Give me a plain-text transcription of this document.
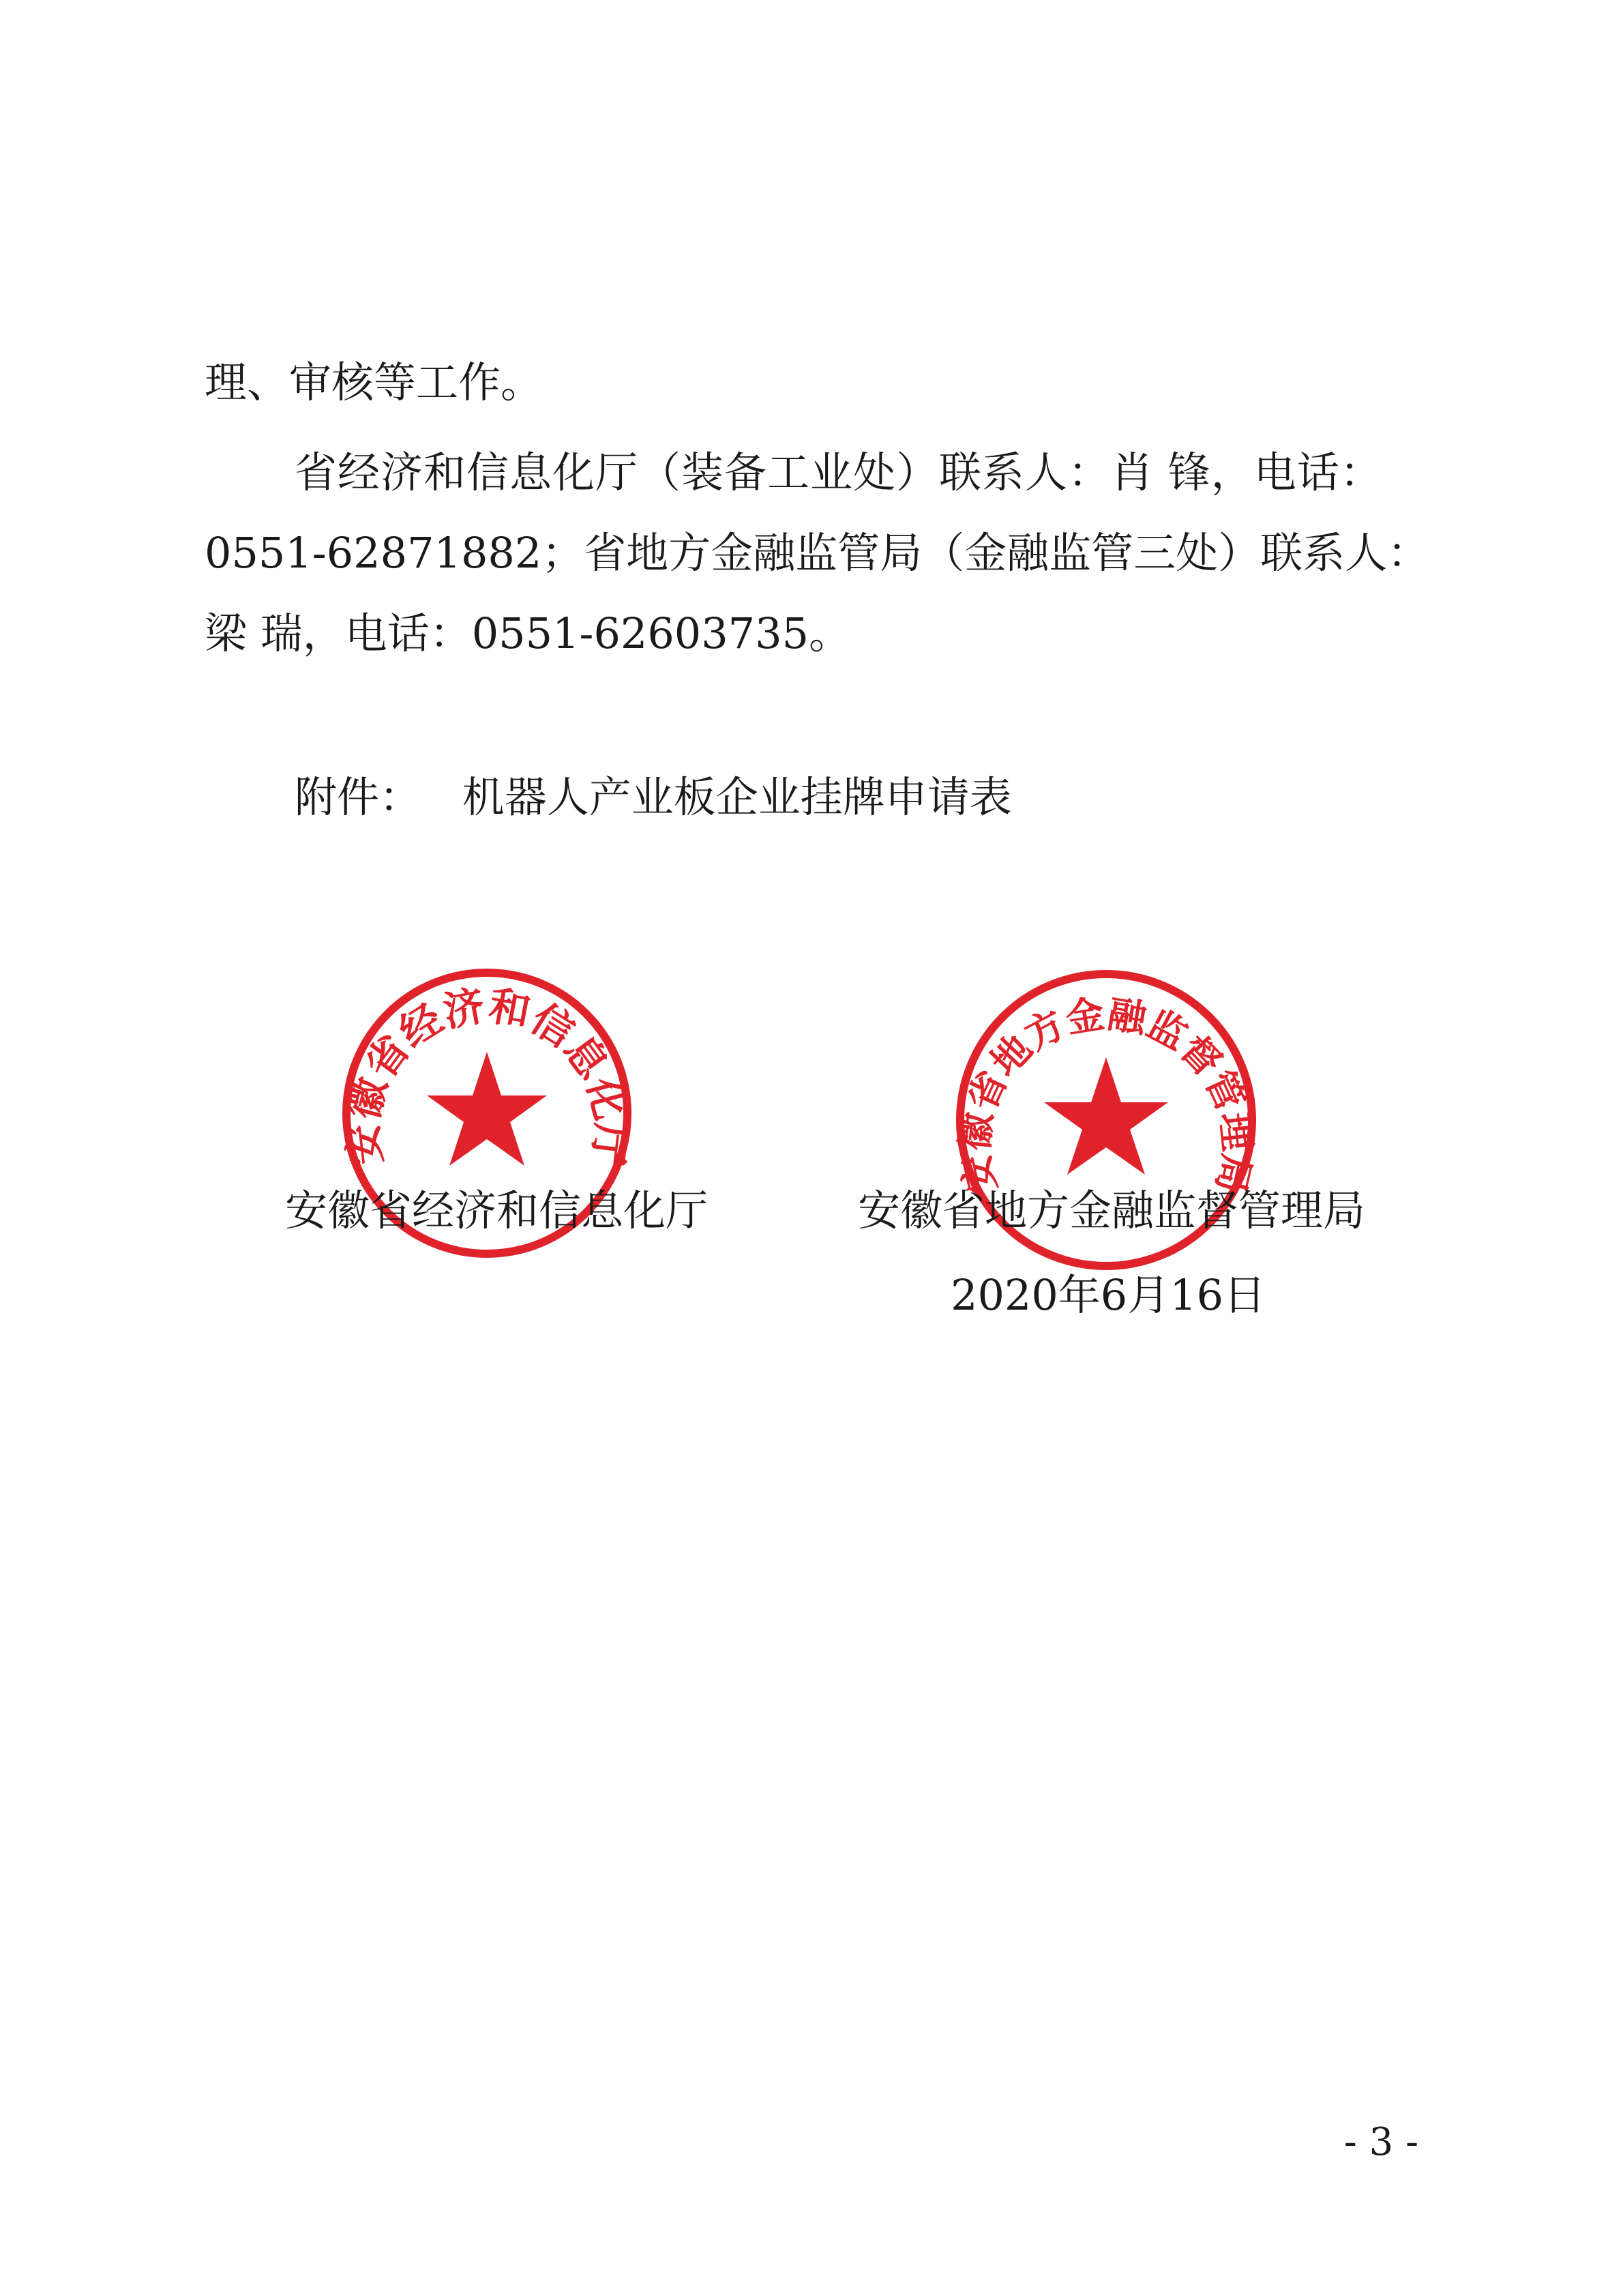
理、审核等工作。
省经济和信息化厅（装备工业处）联系人：肖 锋，电话：
0551-62871882；省地方金融监管局（金融监管三处）联系人：
梁 瑞，电话：0551-62603735。
附件： 机器人产业板企业挂牌申请表
安徽省经济和信息化厅
安徽省地方金融监督管理局
安徽省经济和信息化厅	安徽省地方金融监督管理局
2020年6月16日
- 3 -
